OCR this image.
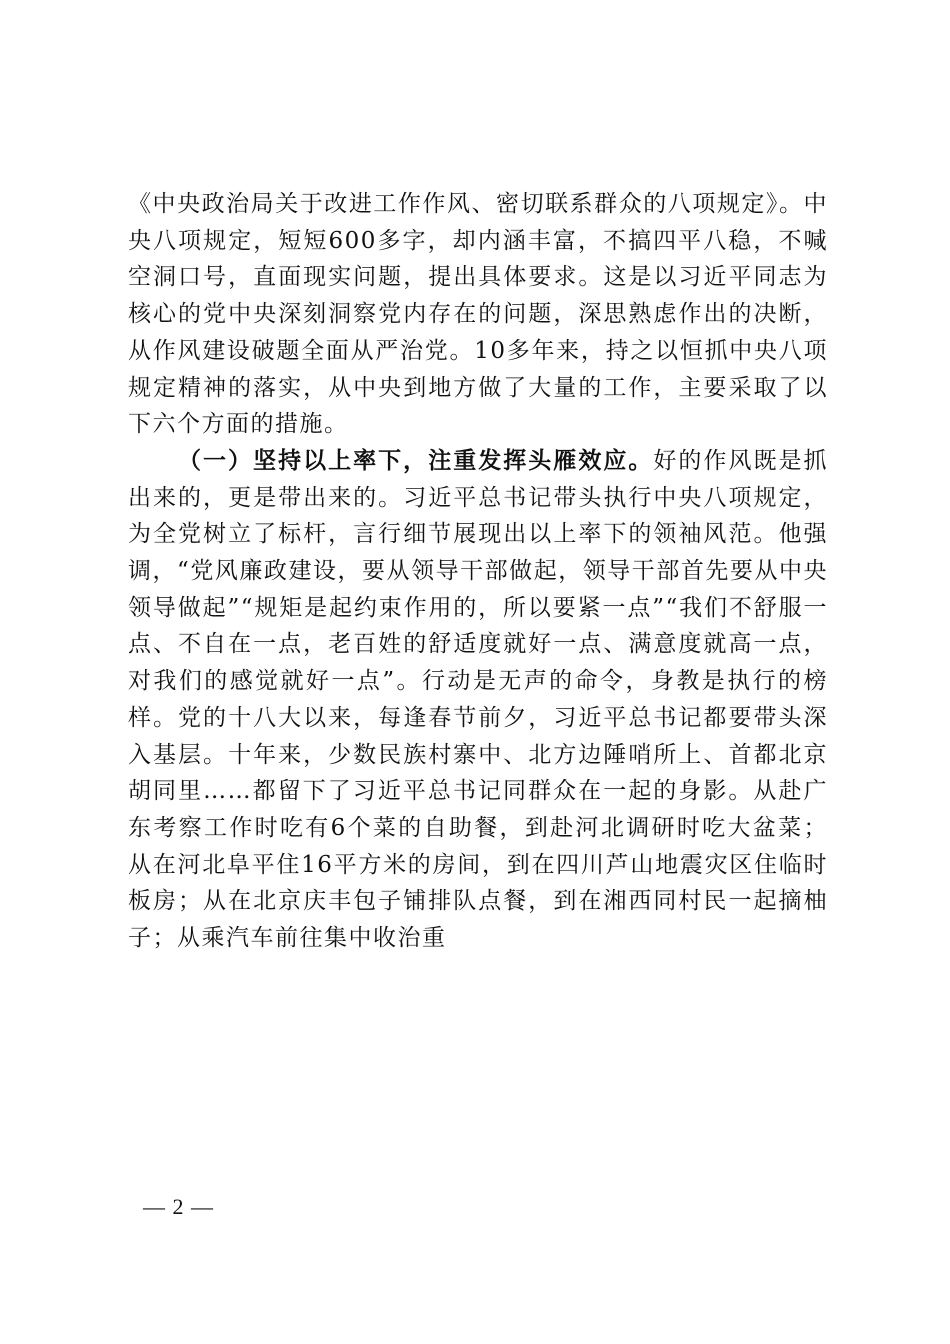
《中央政治局关于改进工作作风、密切联系群众的八项规定》。中央八项规定，短短600多字，却内涵丰富，不搞四平八稳，不喊空洞口号，直面现实问题，提出具体要求。这是以习近平同志为核心的党中央深刻洞察党内存在的问题，深思熟虑作出的决断，从作风建设破题全面从严治党。10多年来，持之以恒抓中央八项规定精神的落实，从中央到地方做了大量的工作，主要采取了以下六个方面的措施。

（一）坚持以上率下，注重发挥头雁效应。好的作风既是抓出来的，更是带出来的。习近平总书记带头执行中央八项规定，为全党树立了标杆，言行细节展现出以上率下的领袖风范。他强调，“党风廉政建设，要从领导干部做起，领导干部首先要从中央领导做起”“规矩是起约束作用的，所以要紧一点”“我们不舒服一点、不自在一点，老百姓的舒适度就好一点、满意度就高一点，对我们的感觉就好一点”。行动是无声的命令，身教是执行的榜样。党的十八大以来，每逢春节前夕，习近平总书记都要带头深入基层。十年来，少数民族村寨中、北方边陲哨所上、首都北京胡同里……都留下了习近平总书记同群众在一起的身影。从赴广东考察工作时吃有6个菜的自助餐，到赴河北调研时吃大盆菜；从在河北阜平住16平方米的房间，到在四川芦山地震灾区住临时板房；从在北京庆丰包子铺排队点餐，到在湘西同村民一起摘柚子；从乘汽车前往集中收治重

— 2 —
